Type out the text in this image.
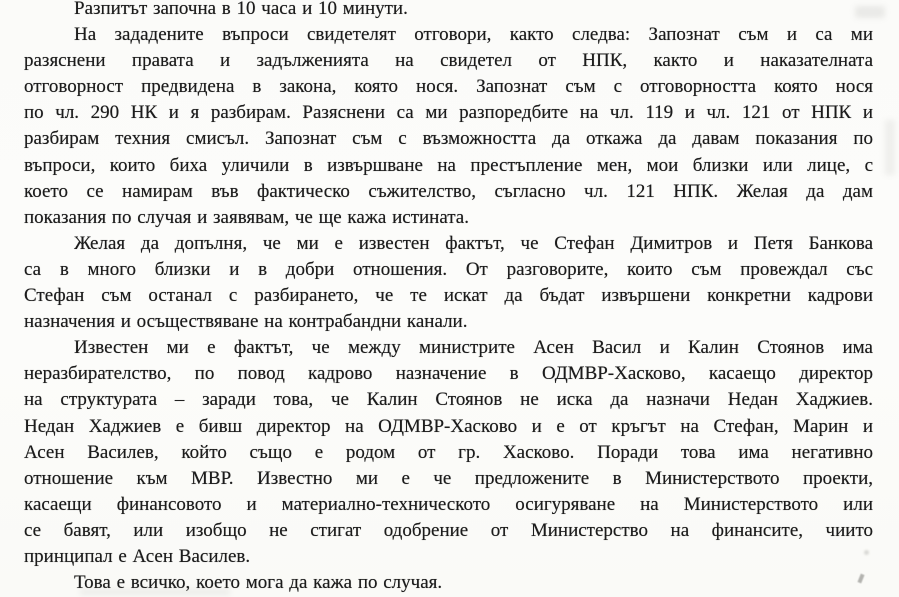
Разпитът започна в 10 часа и 10 минути.
На зададените въпроси свидетелят отговори, както следва: Запознат съм и са ми
разяснени правата и задълженията на свидетел от НПК, както и наказателната
отговорност предвидена в закона, която нося. Запознат съм с отговорността която нося
по чл. 290 НК и я разбирам. Разяснени са ми разпоредбите на чл. 119 и чл. 121 от НПК и
разбирам техния смисъл. Запознат съм с възможността да откажа да давам показания по
въпроси, които биха уличили в извършване на престъпление мен, мои близки или лице, с
което се намирам във фактическо съжителство, съгласно чл. 121 НПК. Желая да дам
показания по случая и заявявам, че ще кажа истината.
Желая да допълня, че ми е известен фактът, че Стефан Димитров и Петя Банкова
са в много близки и в добри отношения. От разговорите, които съм провеждал със
Стефан съм останал с разбирането, че те искат да бъдат извършени конкретни кадрови
назначения и осъществяване на контрабандни канали.
Известен ми е фактът, че между министрите Асен Васил и Калин Стоянов има
неразбирателство, по повод кадрово назначение в ОДМВР-Хасково, касаещо директор
на структурата – заради това, че Калин Стоянов не иска да назначи Недан Хаджиев.
Недан Хаджиев е бивш директор на ОДМВР-Хасково и е от кръгът на Стефан, Марин и
Асен Василев, който също е родом от гр. Хасково. Поради това има негативно
отношение към МВР. Известно ми е че предложените в Министерството проекти,
касаещи финансовото и материално-техническото осигуряване на Министерството или
се бавят, или изобщо не стигат одобрение от Министерство на финансите, чиито
принципал е Асен Василев.
Това е всичко, което мога да кажа по случая.
